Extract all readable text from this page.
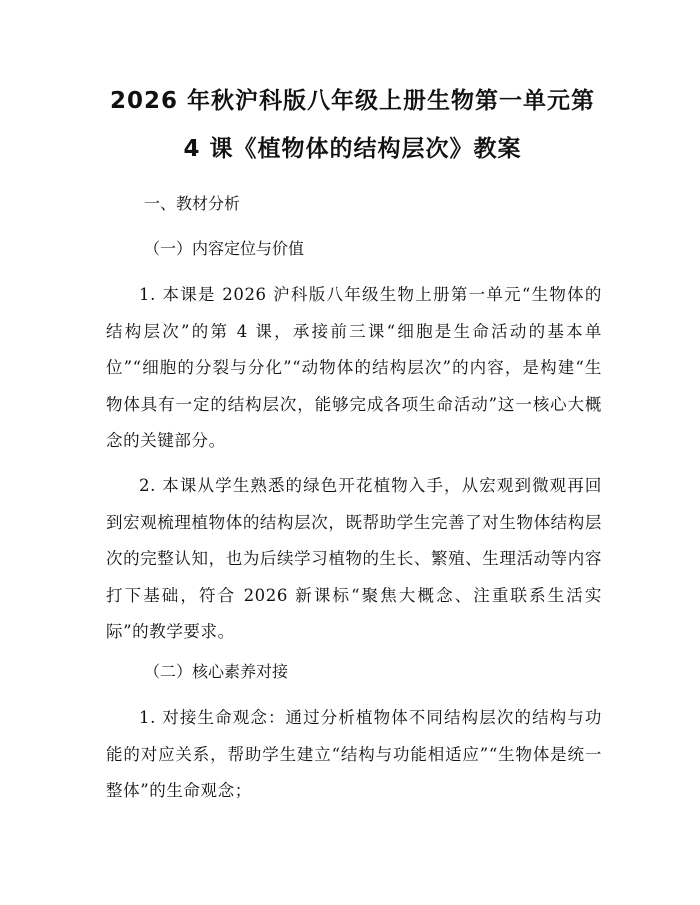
2026 年秋沪科版八年级上册生物第一单元第
4 课《植物体的结构层次》教案
一、教材分析
（一）内容定位与价值
1. 本课是 2026 沪科版八年级生物上册第一单元“生物体的结构层次”的第 4 课，承接前三课“细胞是生命活动的基本单位”“细胞的分裂与分化”“动物体的结构层次”的内容，是构建“生物体具有一定的结构层次，能够完成各项生命活动”这一核心大概念的关键部分。
2. 本课从学生熟悉的绿色开花植物入手，从宏观到微观再回到宏观梳理植物体的结构层次，既帮助学生完善了对生物体结构层次的完整认知，也为后续学习植物的生长、繁殖、生理活动等内容打下基础，符合 2026 新课标“聚焦大概念、注重联系生活实际”的教学要求。
（二）核心素养对接
1. 对接生命观念：通过分析植物体不同结构层次的结构与功能的对应关系，帮助学生建立“结构与功能相适应”“生物体是统一整体”的生命观念；
